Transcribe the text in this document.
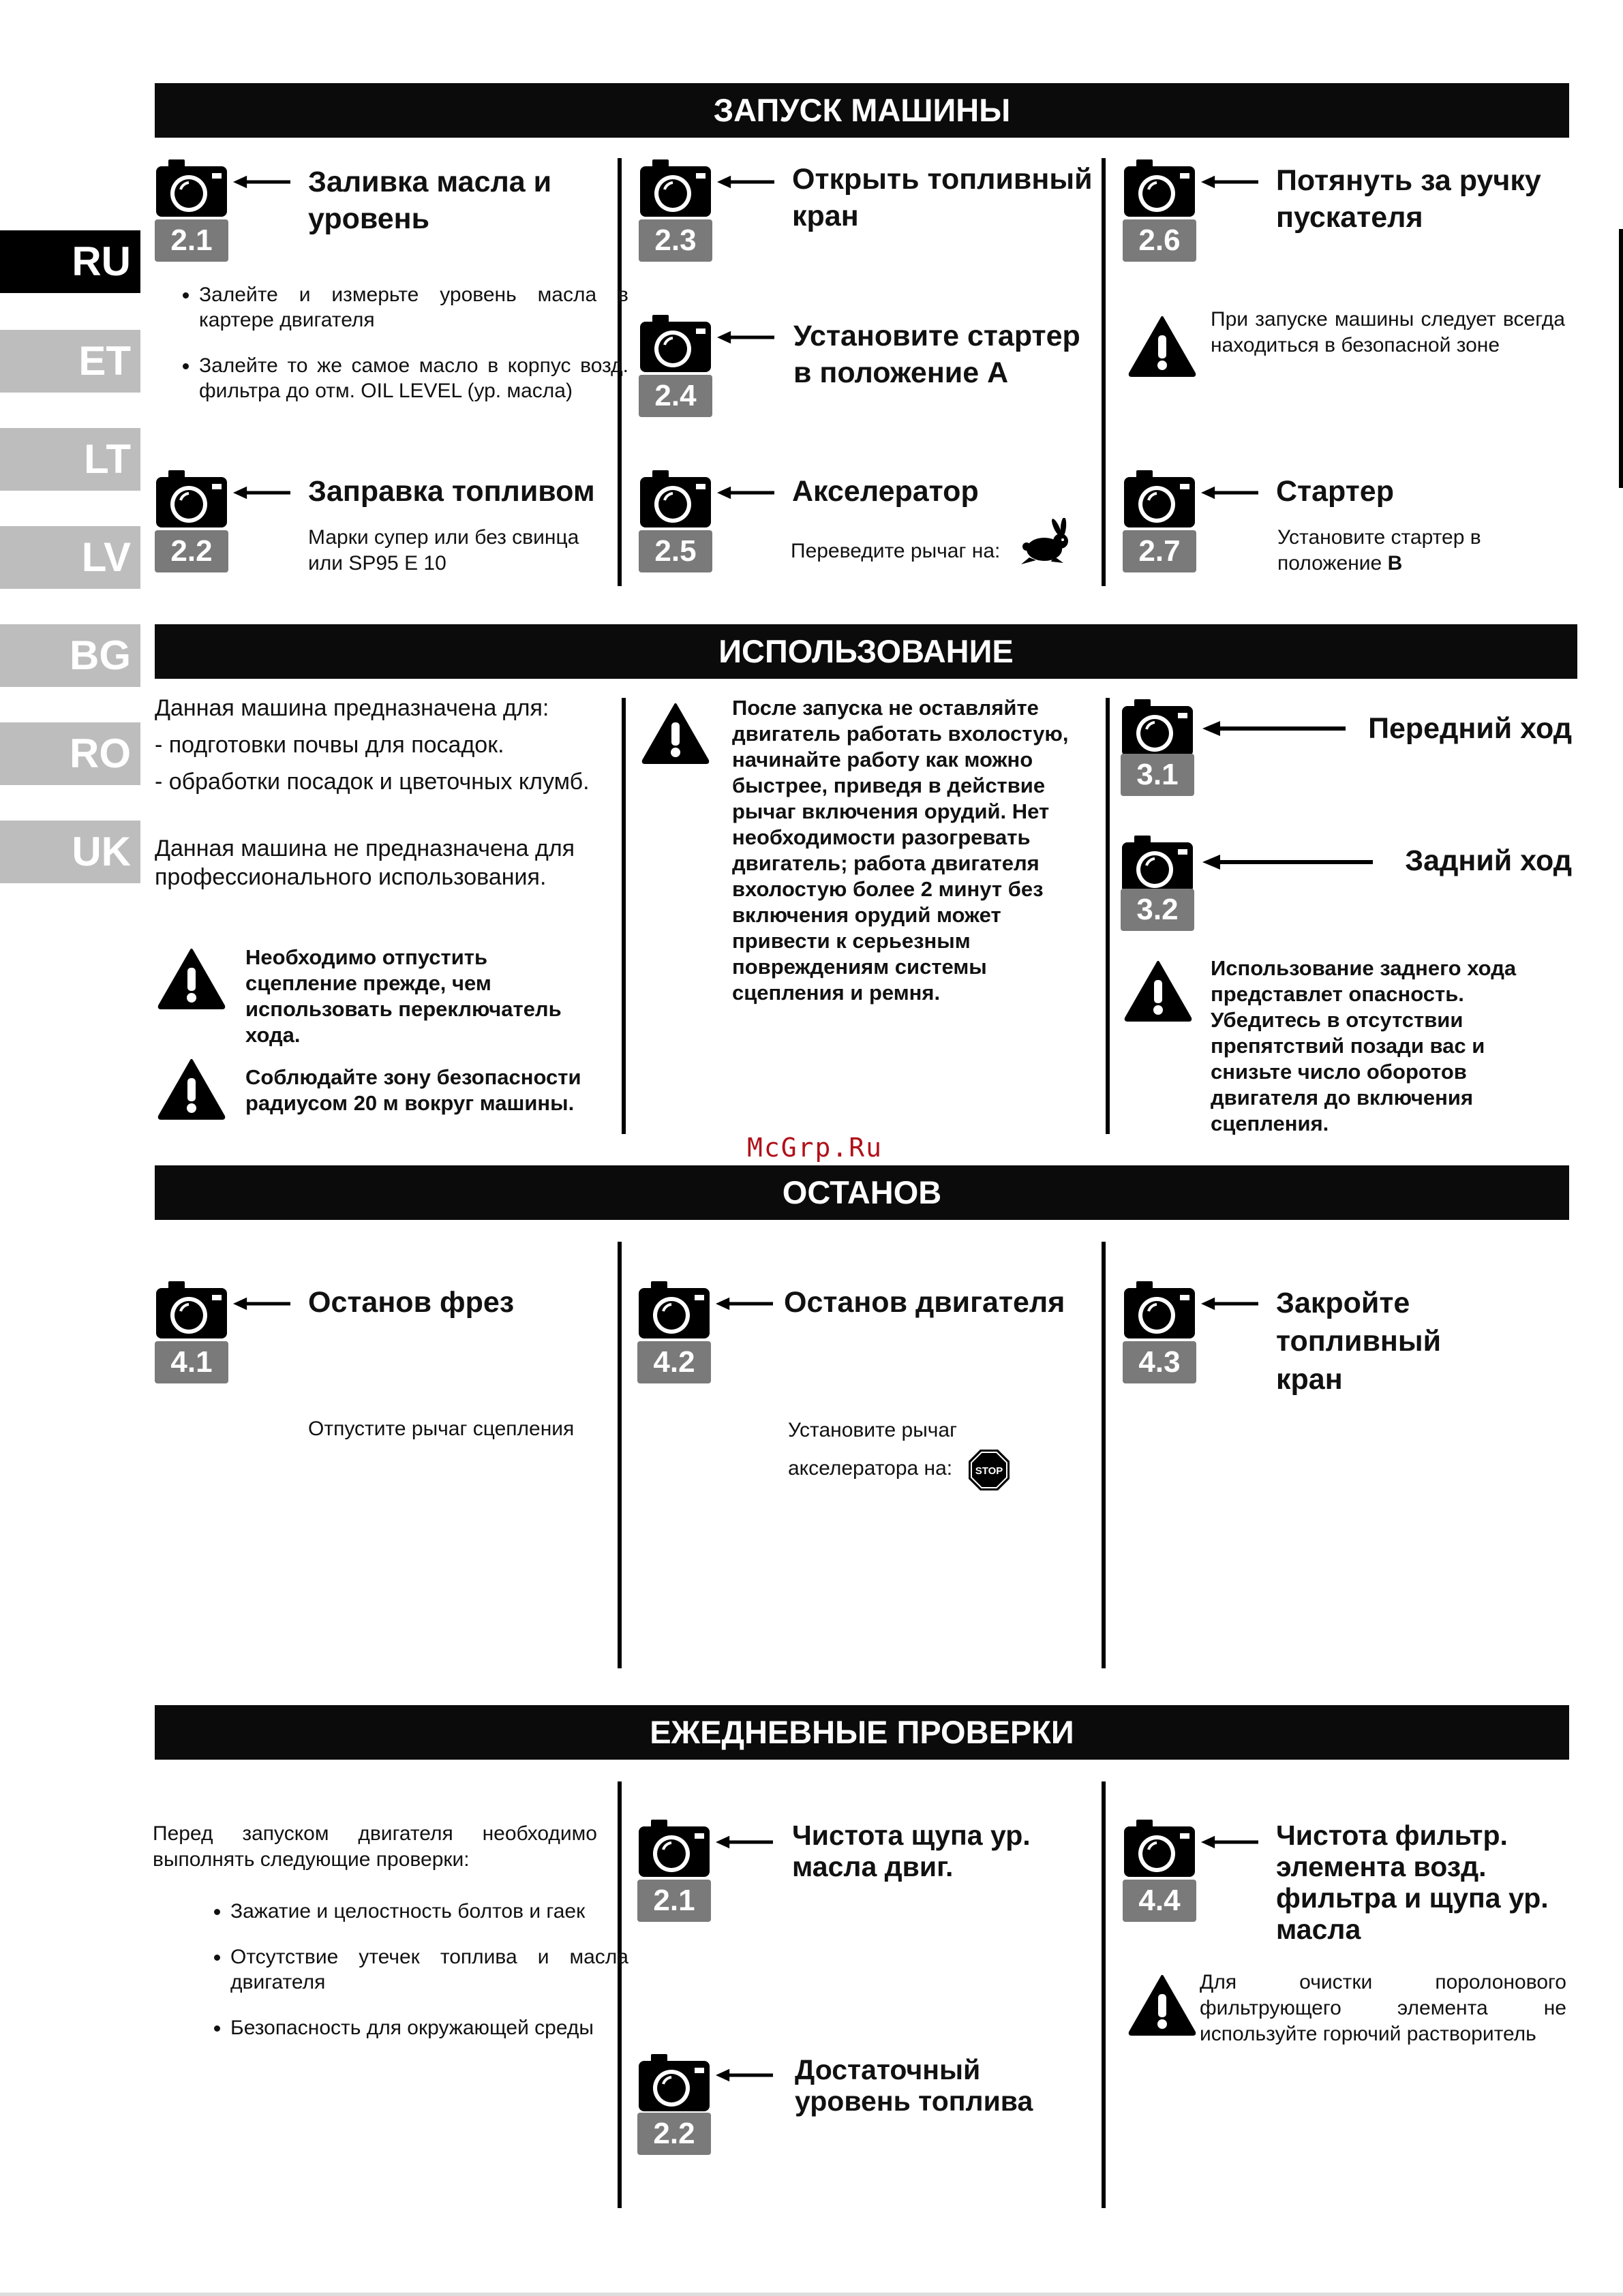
RU
ET
LT
LV
BG
RO
UK
ЗАПУСК МАШИНЫ
2.1
Заливка масла и уровень
• Залейте и измерьте уровень масла в картере двигателя
• Залейте то же самое масло в корпус возд. фильтра до отм. OIL LEVEL (ур. масла)
2.2
Заправка топливом
Марки супер или без свинца или SP95 E 10
2.3
Открыть топливный кран
2.4
Установите стартер в положение А
2.5
Акселератор
Переведите рычаг на:
2.6
Потянуть за ручку пускателя
При запуске машины следует всегда находиться в безопасной зоне
2.7
Стартер
Установите стартер в положение B
ИСПОЛЬЗОВАНИЕ
Данная машина предназначена для:
- подготовки почвы для посадок.
- обработки посадок и цветочных клумб.
Данная машина не предназначена для профессионального использования.
Необходимо отпустить сцепление прежде, чем использовать переключатель хода.
Соблюдайте зону безопасности радиусом 20 м вокруг машины.
После запуска не оставляйте двигатель работать вхолостую, начинайте работу как можно быстрее, приведя в действие рычаг включения орудий. Нет необходимости разогревать двигатель; работа двигателя вхолостую более 2 минут без включения орудий может привести к серьезным повреждениям системы сцепления и ремня.
3.1
Передний ход
3.2
Задний ход
Использование заднего хода представлет опасность. Убедитесь в отсутствии препятствий позади вас и снизьте число оборотов двигателя до включения сцепления.
McGrp.Ru
ОСТАНОВ
4.1
Останов фрез
Отпустите рычаг сцепления
4.2
Останов двигателя
Установите рычаг
акселератора на: STOP
4.3
Закройте топливный кран
ЕЖЕДНЕВНЫЕ ПРОВЕРКИ
Перед запуском двигателя необходимо выполнять следующие проверки:
• Зажатие и целостность болтов и гаек
• Отсутствие утечек топлива и масла двигателя
• Безопасность для окружающей среды
2.1
Чистота щупа ур. масла двиг.
2.2
Достаточный уровень топлива
4.4
Чистота фильтр. элемента возд. фильтра и щупа ур. масла
Для очистки поролонового фильтрующего элемента не используйте горючий растворитель
